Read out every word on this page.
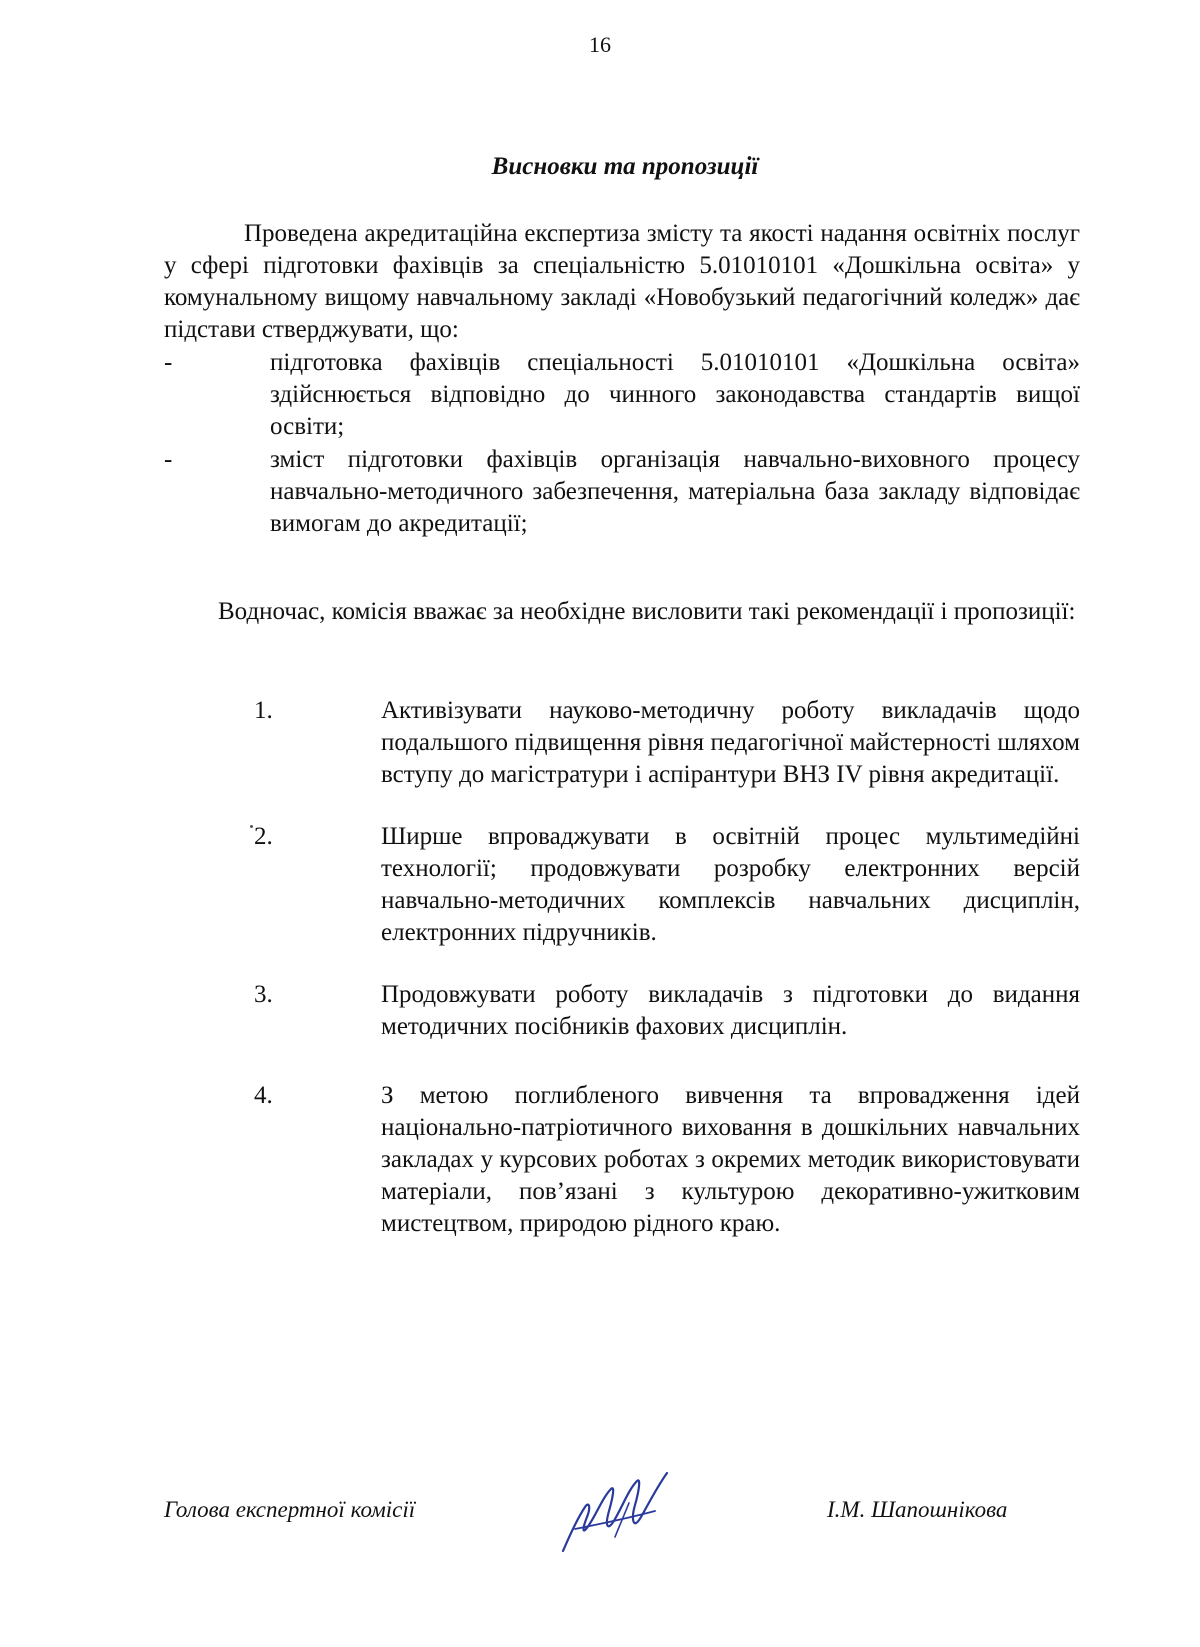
16
Висновки та пропозиції

Проведена акредитаційна експертиза змісту та якості надання освітніх послуг у сфері підготовки фахівців за спеціальністю 5.01010101 «Дошкільна освіта» у комунальному вищому навчальному закладі «Новобузький педагогічний коледж» дає підстави стверджувати, що:

-	підготовка фахівців спеціальності 5.01010101 «Дошкільна освіта» здійснюється відповідно до чинного законодавства стандартів вищої освіти;
-	зміст підготовки фахівців організація навчально-виховного процесу навчально-методичного забезпечення, матеріальна база закладу відповідає вимогам до акредитації;

Водночас, комісія вважає за необхідне висловити такі рекомендації і пропозиції:

1.	Активізувати науково-методичну роботу викладачів щодо подальшого підвищення рівня педагогічної майстерності шляхом вступу до магістратури і аспірантури ВНЗ IV рівня акредитації.
2.	Ширше впроваджувати в освітній процес мультимедійні технології; продовжувати розробку електронних версій навчально-методичних комплексів навчальних дисциплін, електронних підручників.
3.	Продовжувати роботу викладачів з підготовки до видання методичних посібників фахових дисциплін.
4.	З метою поглибленого вивчення та впровадження ідей національно-патріотичного виховання в дошкільних навчальних закладах у курсових роботах з окремих методик використовувати матеріали, пов’язані з культурою декоративно-ужитковим мистецтвом, природою рідного краю.
Голова експертної комісії	І.М. Шапошнікова
